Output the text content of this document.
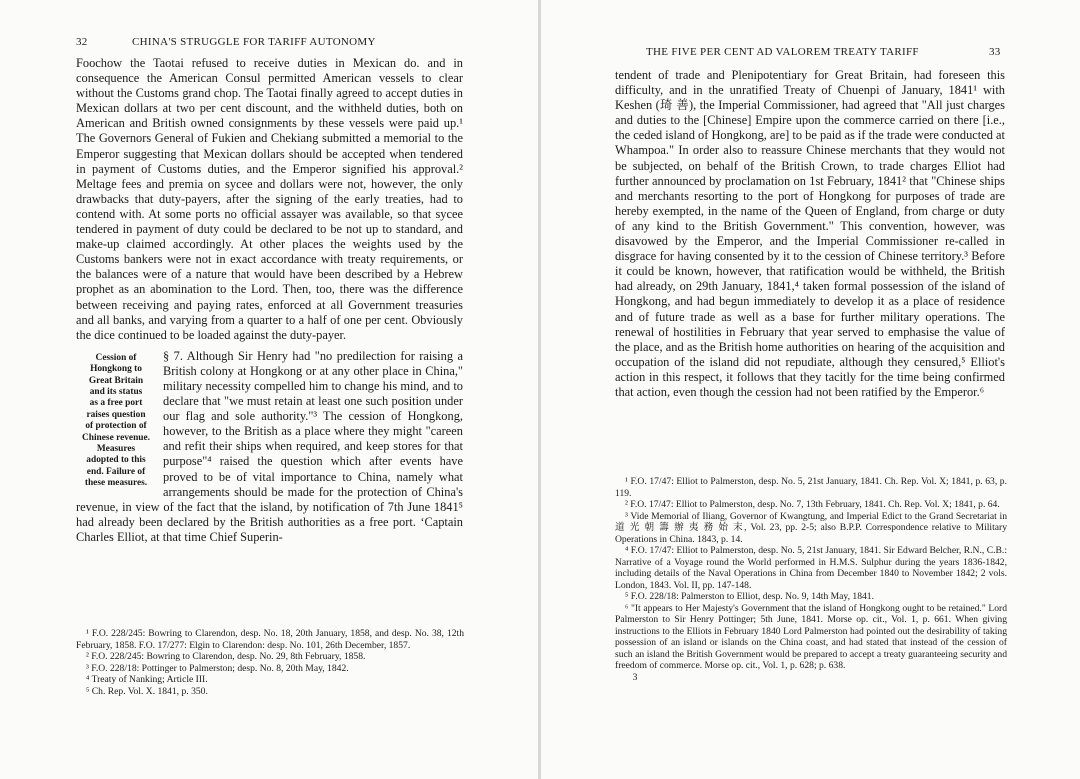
32	CHINA'S STRUGGLE FOR TARIFF AUTONOMY

Foochow the Taotai refused to receive duties in Mexican do. and in consequence the American Consul permitted American vessels to clear without the Customs grand chop. The Taotai finally agreed to accept duties in Mexican dollars at two per cent discount, and the withheld duties, both on American and British owned consignments by these vessels were paid up.¹ The Governors General of Fukien and Chekiang submitted a memorial to the Emperor suggesting that Mexican dollars should be accepted when tendered in payment of Customs duties, and the Emperor signified his approval.² Meltage fees and premia on sycee and dollars were not, however, the only drawbacks that duty-payers, after the signing of the early treaties, had to contend with. At some ports no official assayer was available, so that sycee tendered in payment of duty could be declared to be not up to standard, and make-up claimed accordingly. At other places the weights used by the Customs bankers were not in exact accordance with treaty requirements, or the balances were of a nature that would have been described by a Hebrew prophet as an abomination to the Lord. Then, too, there was the difference between receiving and paying rates, enforced at all Government treasuries and all banks, and varying from a quarter to a half of one per cent. Obviously the dice continued to be loaded against the duty-payer.

Cession of
Hongkong to
Great Britain
and its status
as a free port
raises question
of protection of
Chinese revenue.
Measures
adopted to this
end. Failure of
these measures.

§ 7. Although Sir Henry had "no predilection for raising a British colony at Hongkong or at any other place in China," military necessity compelled him to change his mind, and to declare that "we must retain at least one such position under our flag and sole authority."³ The cession of Hongkong, however, to the British as a place where they might "careen and refit their ships when required, and keep stores for that purpose"⁴ raised the question which after events have proved to be of vital importance to China, namely what arrangements should be made for the protection of China's revenue, in view of the fact that the island, by notification of 7th June 1841⁵ had already been declared by the British authorities as a free port. ʻCaptain Charles Elliot, at that time Chief Superin-

¹ F.O. 228/245: Bowring to Clarendon, desp. No. 18, 20th January, 1858, and desp. No. 38, 12th February, 1858. F.O. 17/277: Elgin to Clarendon: desp. No. 101, 26th December, 1857.

² F.O. 228/245: Bowring to Clarendon, desp. No. 29, 8th February, 1858.

³ F.O. 228/18: Pottinger to Palmerston; desp. No. 8, 20th May, 1842.

⁴ Treaty of Nanking; Article III.

⁵ Ch. Rep. Vol. X. 1841, p. 350.

THE FIVE PER CENT AD VALOREM TREATY TARIFF	33

tendent of trade and Plenipotentiary for Great Britain, had foreseen this difficulty, and in the unratified Treaty of Chuenpi of January, 1841¹ with Keshen (琦 善), the Imperial Commissioner, had agreed that "All just charges and duties to the [Chinese] Empire upon the commerce carried on there [i.e., the ceded island of Hongkong, are] to be paid as if the trade were conducted at Whampoa." In order also to reassure Chinese merchants that they would not be subjected, on behalf of the British Crown, to trade charges Elliot had further announced by proclamation on 1st February, 1841² that "Chinese ships and merchants resorting to the port of Hongkong for purposes of trade are hereby exempted, in the name of the Queen of England, from charge or duty of any kind to the British Government." This convention, however, was disavowed by the Emperor, and the Imperial Commissioner re-called in disgrace for having consented by it to the cession of Chinese territory.³ Before it could be known, however, that ratification would be withheld, the British had already, on 29th January, 1841,⁴ taken formal possession of the island of Hongkong, and had begun immediately to develop it as a place of residence and of future trade as well as a base for further military operations. The renewal of hostilities in February that year served to emphasise the value of the place, and as the British home authorities on hearing of the acquisition and occupation of the island did not repudiate, although they censured,⁵ Elliot's action in this respect, it follows that they tacitly for the time being confirmed that action, even though the cession had not been ratified by the Emperor.⁶

¹ F.O. 17/47: Elliot to Palmerston, desp. No. 5, 21st January, 1841. Ch. Rep. Vol. X; 1841, p. 63, p. 119.

² F.O. 17/47: Elliot to Palmerston, desp. No. 7, 13th February, 1841. Ch. Rep. Vol. X; 1841, p. 64.

³ Vide Memorial of Iliang, Governor of Kwangtung, and Imperial Edict to the Grand Secretariat in 道 光 朝 籌 辦 夷 務 始 末, Vol. 23, pp. 2-5; also B.P.P. Correspondence relative to Military Operations in China. 1843, p. 14.

⁴ F.O. 17/47: Elliot to Palmerston, desp. No. 5, 21st January, 1841. Sir Edward Belcher, R.N., C.B.: Narrative of a Voyage round the World performed in H.M.S. Sulphur during the years 1836-1842, including details of the Naval Operations in China from December 1840 to November 1842; 2 vols. London, 1843. Vol. II, pp. 147-148.

⁵ F.O. 228/18: Palmerston to Elliot, desp. No. 9, 14th May, 1841.

⁶ "It appears to Her Majesty's Government that the island of Hongkong ought to be retained." Lord Palmerston to Sir Henry Pottinger; 5th June, 1841. Morse op. cit., Vol. 1, p. 661. When giving instructions to the Elliots in February 1840 Lord Palmerston had pointed out the desirability of taking possession of an island or islands on the China coast, and had stated that instead of the cession of such an island the British Government would be prepared to accept a treaty guaranteeing security and freedom of commerce. Morse op. cit., Vol. 1, p. 628; p. 638.

3
